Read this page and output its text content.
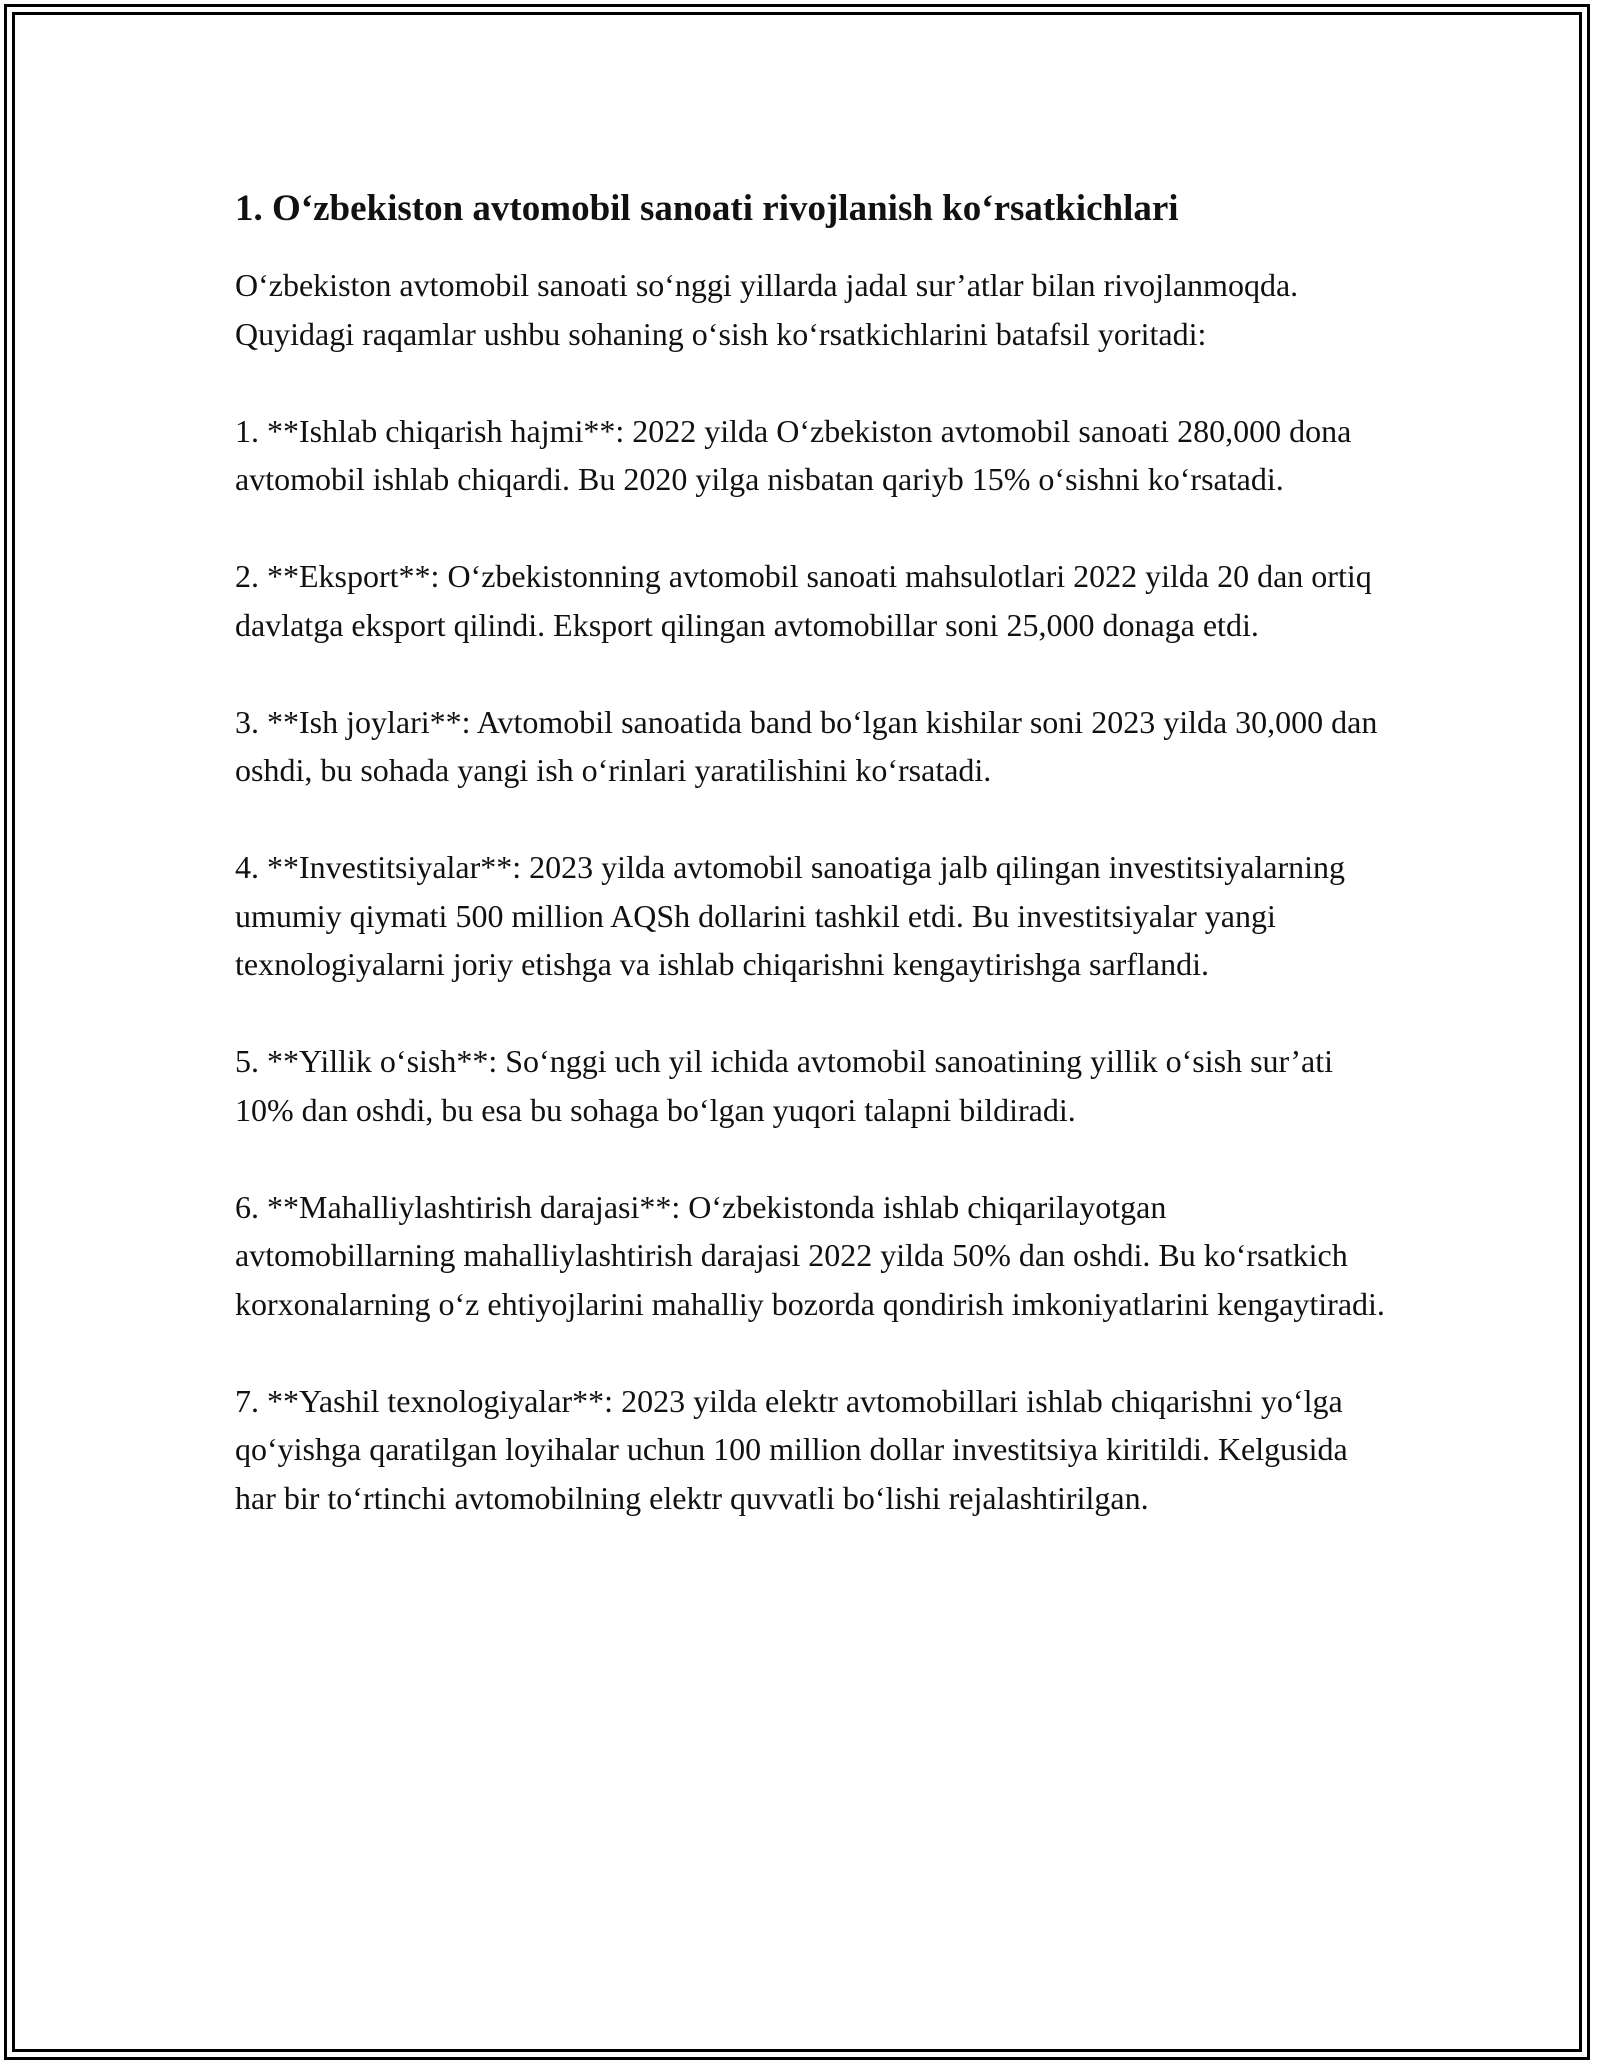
1. O‘zbekiston avtomobil sanoati rivojlanish ko‘rsatkichlari

O‘zbekiston avtomobil sanoati so‘nggi yillarda jadal sur’atlar bilan rivojlanmoqda. Quyidagi raqamlar ushbu sohaning o‘sish ko‘rsatkichlarini batafsil yoritadi:

1. **Ishlab chiqarish hajmi**: 2022 yilda O‘zbekiston avtomobil sanoati 280,000 dona avtomobil ishlab chiqardi. Bu 2020 yilga nisbatan qariyb 15% o‘sishni ko‘rsatadi.

2. **Eksport**: O‘zbekistonning avtomobil sanoati mahsulotlari 2022 yilda 20 dan ortiq davlatga eksport qilindi. Eksport qilingan avtomobillar soni 25,000 donaga etdi.

3. **Ish joylari**: Avtomobil sanoatida band bo‘lgan kishilar soni 2023 yilda 30,000 dan oshdi, bu sohada yangi ish o‘rinlari yaratilishini ko‘rsatadi.

4. **Investitsiyalar**: 2023 yilda avtomobil sanoatiga jalb qilingan investitsiyalarning umumiy qiymati 500 million AQSh dollarini tashkil etdi. Bu investitsiyalar yangi texnologiyalarni joriy etishga va ishlab chiqarishni kengaytirishga sarflandi.

5. **Yillik o‘sish**: So‘nggi uch yil ichida avtomobil sanoatining yillik o‘sish sur’ati 10% dan oshdi, bu esa bu sohaga bo‘lgan yuqori talapni bildiradi.

6. **Mahalliylashtirish darajasi**: O‘zbekistonda ishlab chiqarilayotgan avtomobillarning mahalliylashtirish darajasi 2022 yilda 50% dan oshdi. Bu ko‘rsatkich korxonalarning o‘z ehtiyojlarini mahalliy bozorda qondirish imkoniyatlarini kengaytiradi.

7. **Yashil texnologiyalar**: 2023 yilda elektr avtomobillari ishlab chiqarishni yo‘lga qo‘yishga qaratilgan loyihalar uchun 100 million dollar investitsiya kiritildi. Kelgusida har bir to‘rtinchi avtomobilning elektr quvvatli bo‘lishi rejalashtirilgan.
